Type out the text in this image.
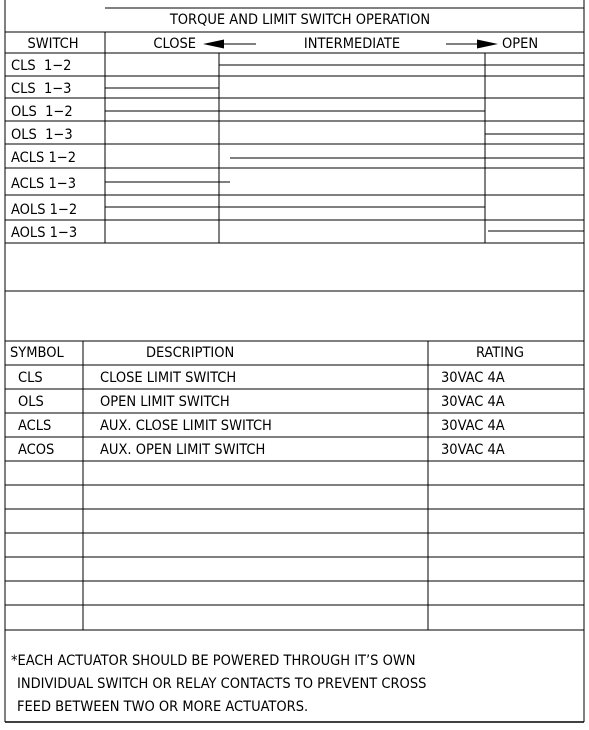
TORQUE AND LIMIT SWITCH OPERATION
SWITCH	CLOSE	INTERMEDIATE	OPEN
CLS  1−2
CLS  1−3
OLS  1−2
OLS  1−3
ACLS 1−2
ACLS 1−3
AOLS 1−2
AOLS 1−3
SYMBOL	DESCRIPTION	RATING
CLS	CLOSE LIMIT SWITCH	30VAC 4A
OLS	OPEN LIMIT SWITCH	30VAC 4A
ACLS	AUX. CLOSE LIMIT SWITCH	30VAC 4A
ACOS	AUX. OPEN LIMIT SWITCH	30VAC 4A
*EACH ACTUATOR SHOULD BE POWERED THROUGH IT’S OWN
INDIVIDUAL SWITCH OR RELAY CONTACTS TO PREVENT CROSS
FEED BETWEEN TWO OR MORE ACTUATORS.
